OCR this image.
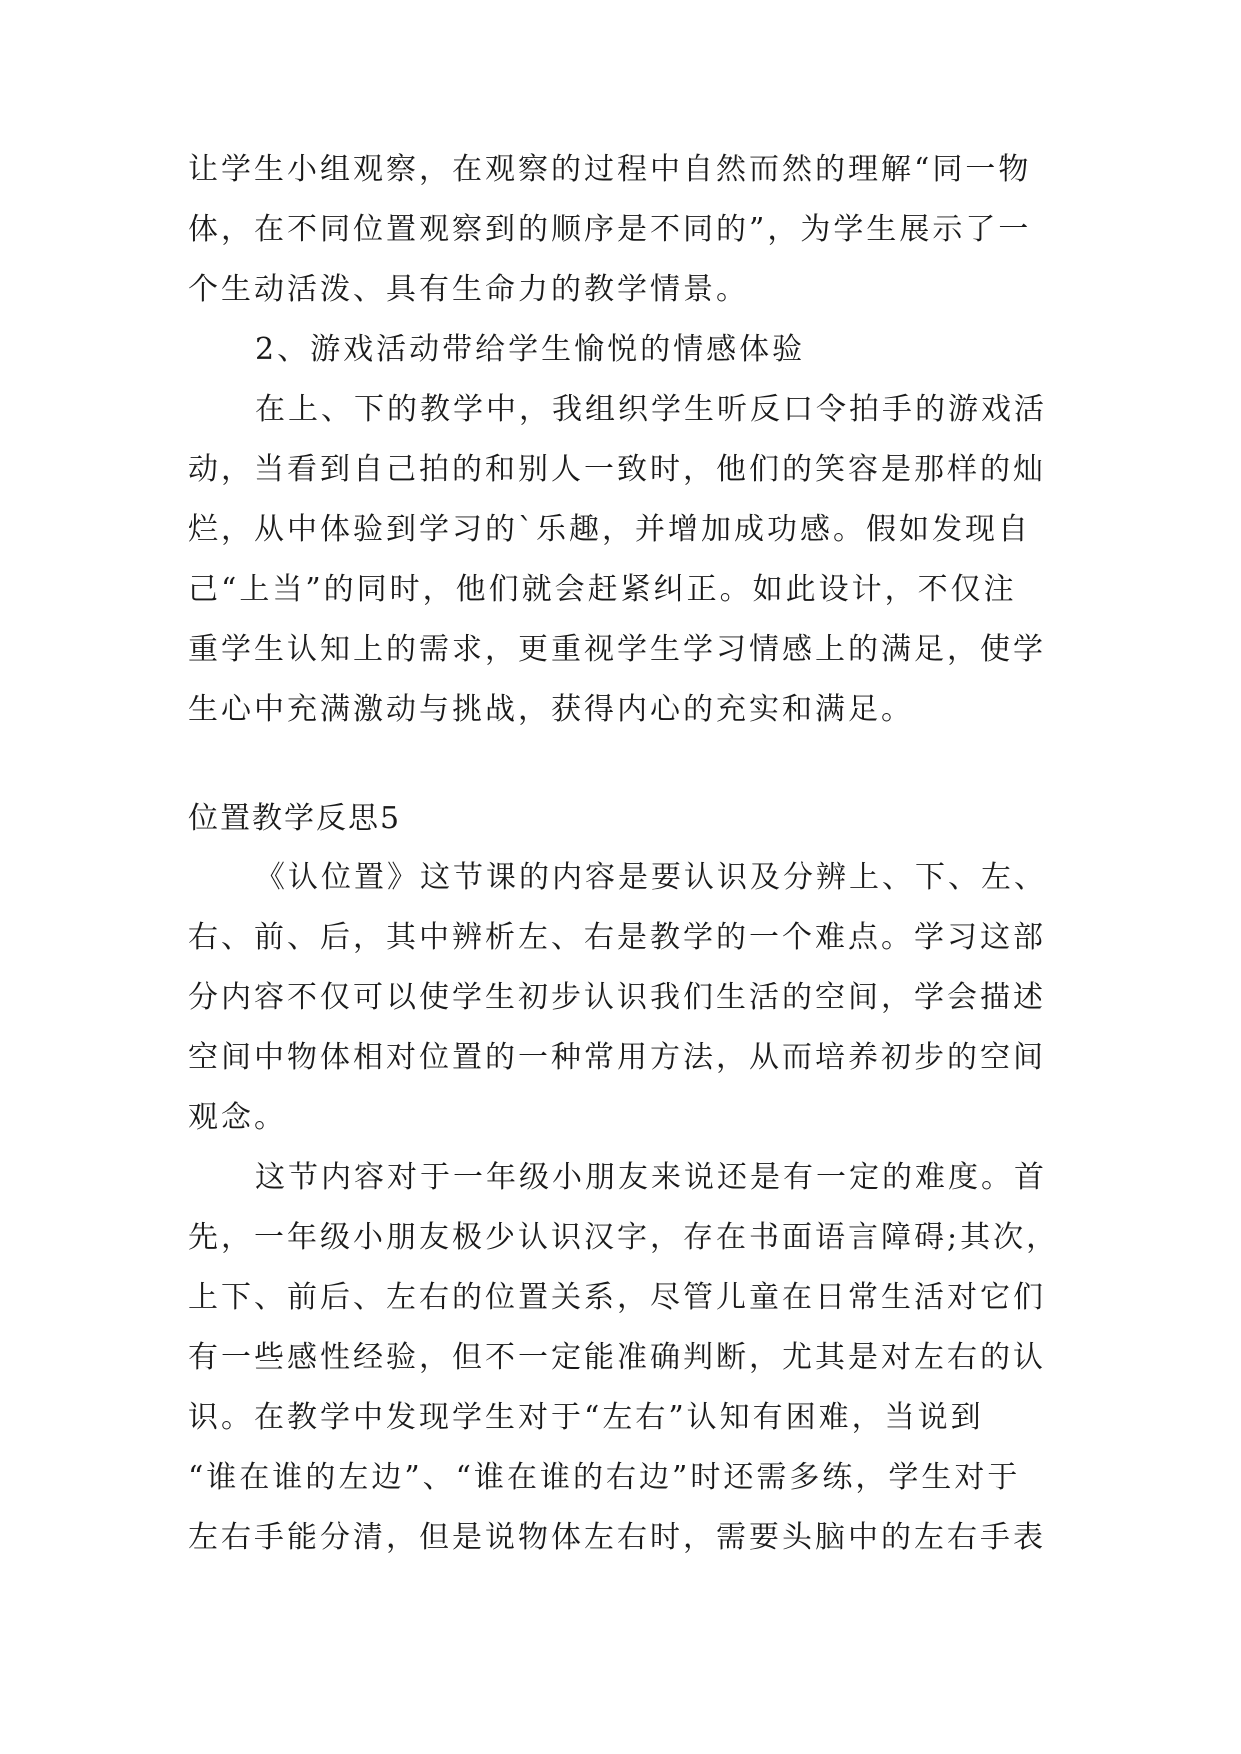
让学生小组观察，在观察的过程中自然而然的理解“同一物
体，在不同位置观察到的顺序是不同的”，为学生展示了一
个生动活泼、具有生命力的教学情景。
2、游戏活动带给学生愉悦的情感体验
在上、下的教学中，我组织学生听反口令拍手的游戏活
动，当看到自己拍的和别人一致时，他们的笑容是那样的灿
烂，从中体验到学习的`乐趣，并增加成功感。假如发现自
己“上当”的同时，他们就会赶紧纠正。如此设计，不仅注
重学生认知上的需求，更重视学生学习情感上的满足，使学
生心中充满激动与挑战，获得内心的充实和满足。
位置教学反思5
《认位置》这节课的内容是要认识及分辨上、下、左、
右、前、后，其中辨析左、右是教学的一个难点。学习这部
分内容不仅可以使学生初步认识我们生活的空间，学会描述
空间中物体相对位置的一种常用方法，从而培养初步的空间
观念。
这节内容对于一年级小朋友来说还是有一定的难度。首
先，一年级小朋友极少认识汉字，存在书面语言障碍;其次，
上下、前后、左右的位置关系，尽管儿童在日常生活对它们
有一些感性经验，但不一定能准确判断，尤其是对左右的认
识。在教学中发现学生对于“左右”认知有困难，当说到
“谁在谁的左边”、“谁在谁的右边”时还需多练，学生对于
左右手能分清，但是说物体左右时，需要头脑中的左右手表
